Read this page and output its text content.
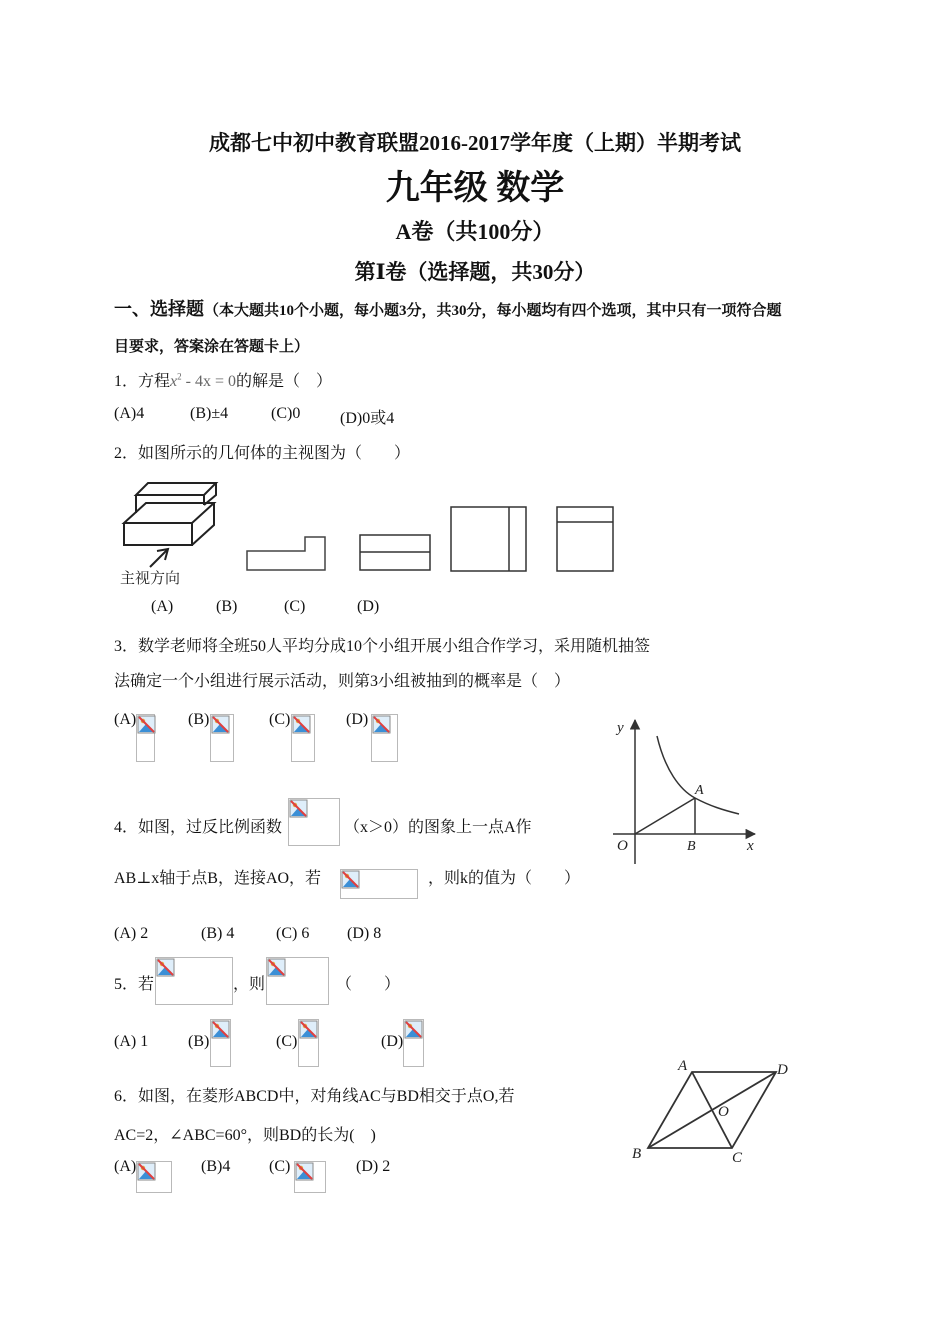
成都七中初中教育联盟2016-2017学年度（上期）半期考试
九年级 数学
A卷（共100分）
第Ⅰ卷（选择题，共30分）
一、选择题（本大题共10个小题，每小题3分，共30分，每小题均有四个选项，其中只有一项符合题
目要求，答案涂在答题卡上）
1．方程$x^2 - 4x = 0$的解是（　）
(A)4	(B)±4	(C)0 (D)0或4
2．如图所示的几何体的主视图为（　　）
主视方向
(A)	(B)	(C)	(D)
3．数学老师将全班50人平均分成10个小组开展小组合作学习，采用随机抽签
法确定一个小组进行展示活动，则第3小组被抽到的概率是（　）
(A)	(B)	(C)	(D)	y
x
A
B
O
4．如图，过反比例函数	（x＞0）的图象上一点A作
AB⊥x轴于点B，连接AO，若	，则k的值为（　　）
(A) 2	(B) 4	(C) 6 (D) 8
5．若	，则	（　　）
(A) 1 (B)	(C)	(D)
A	D
B	C
O
6．如图，在菱形ABCD中，对角线AC与BD相交于点O,若
AC=2，∠ABC=60°，则BD的长为(　)
(A)	(B)4 (C)	(D) 2
